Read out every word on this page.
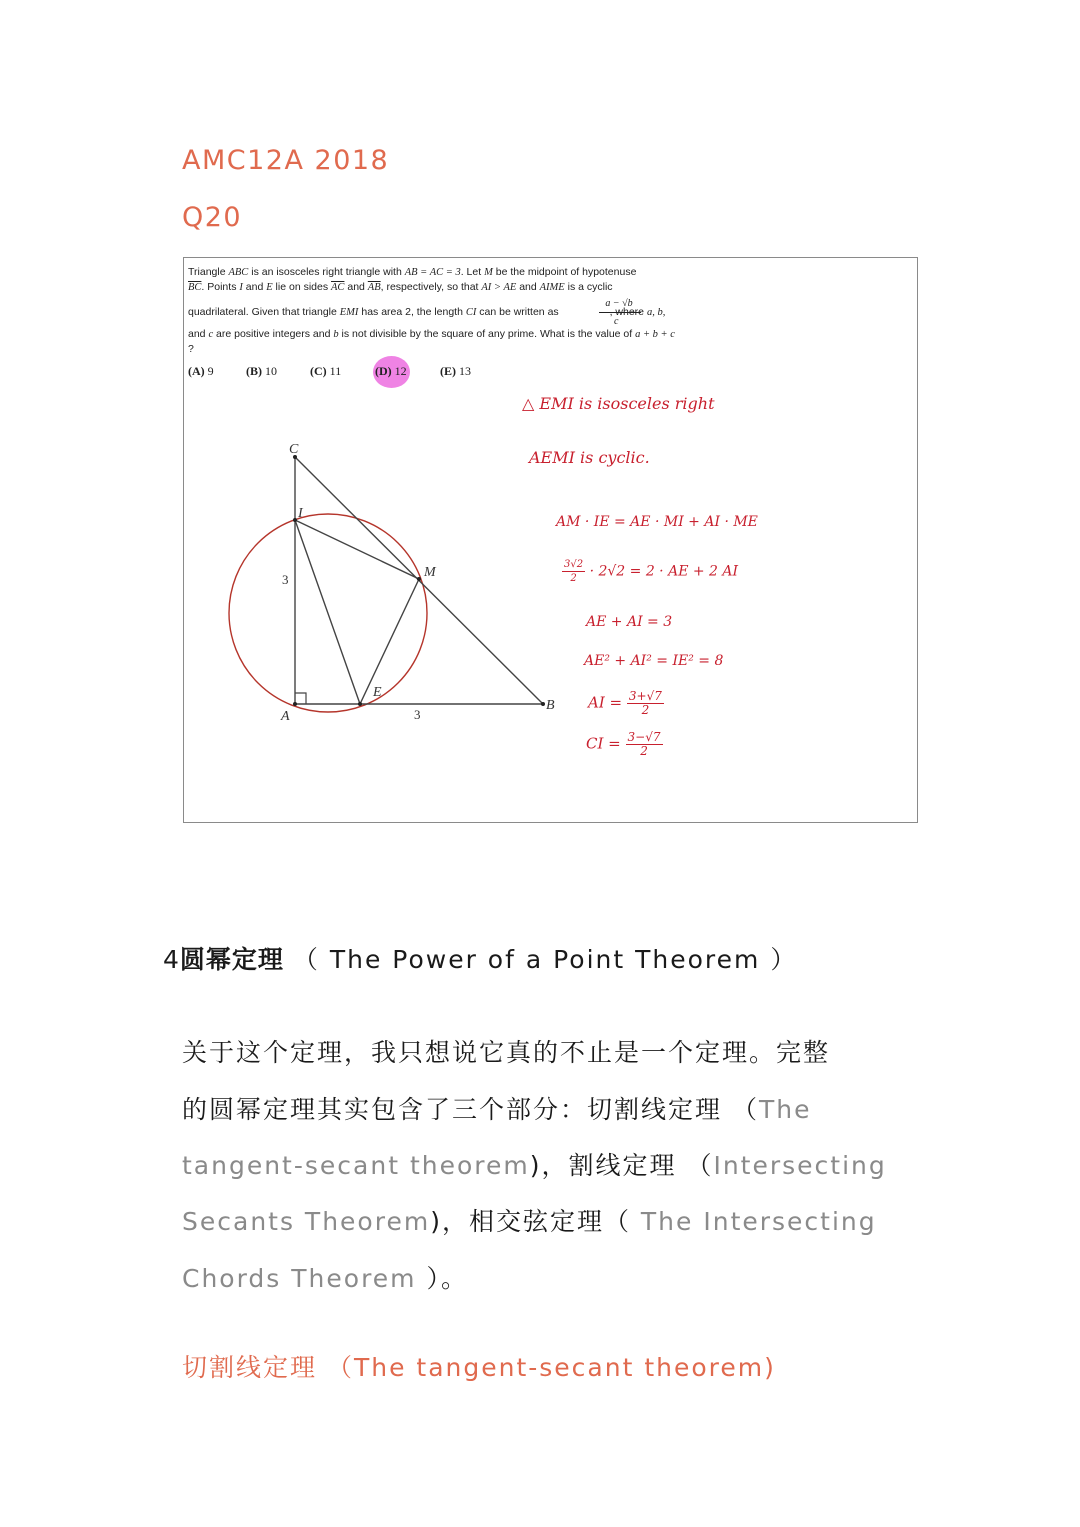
AMC12A 2018
Q20
Triangle ABC is an isosceles right triangle with AB = AC = 3. Let M be the midpoint of hypotenuse
$\overline{BC}$. Points I and E lie on sides $\overline{AC}$ and $\overline{AB}$, respectively, so that AI > AE and AIME is a cyclic
a − √b
c
quadrilateral. Given that triangle EMI has area 2, the length CI can be written as	, where a, b,
and c are positive integers and b is not divisible by the square of any prime. What is the value of a + b + c
?
(A) 9	(B) 10	(C) 11	(D) 12	(E) 13
C
I
M
A
E
B
3
3
△ EMI is isosceles right
AEMI is cyclic.
AM · IE = AE · MI + AI · ME
$\frac{3√2}{2} \cdot 2√2 = 2$ · AE + 2 AI
AE + AI = 3
AE² + AI² = IE² = 8
AI = $\frac{3+√7}{2}$
CI = $\frac{3-√7}{2}$
4圆幂定理 （ The Power of a Point Theorem ）
关于这个定理，我只想说它真的不止是一个定理。完整
的圆幂定理其实包含了三个部分：切割线定理 （The
tangent-secant theorem)，割线定理 （Intersecting
Secants Theorem)，相交弦定理（ The Intersecting
Chords Theorem ）。
切割线定理 （The tangent-secant theorem)
